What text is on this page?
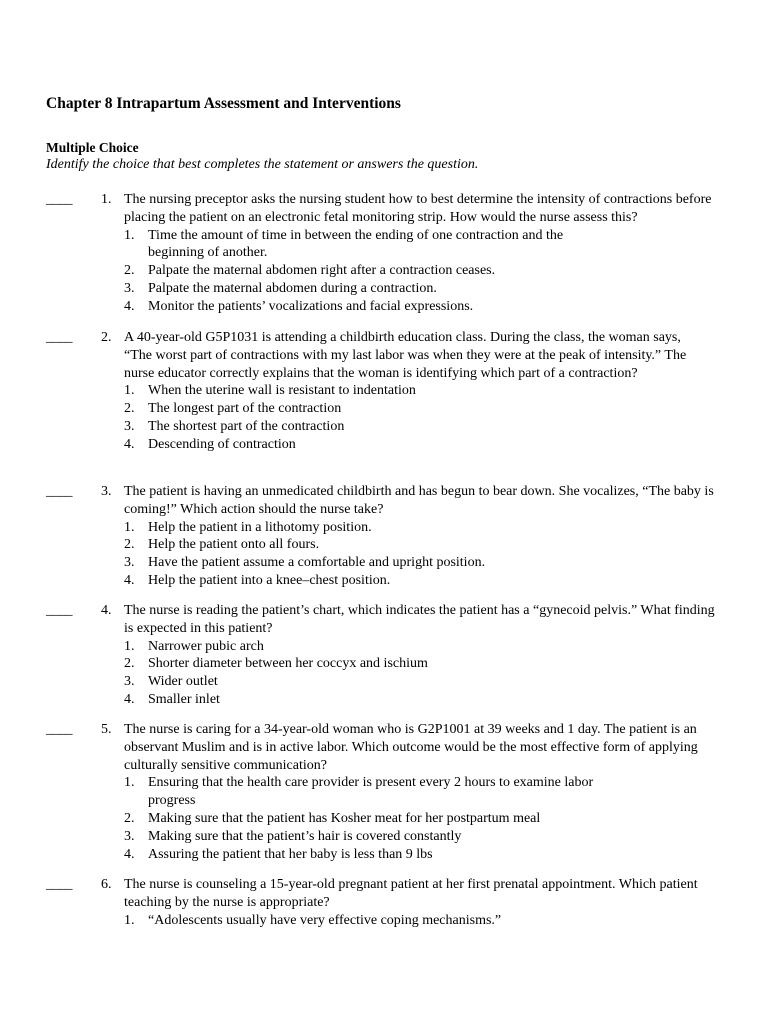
Chapter 8 Intrapartum Assessment and Interventions
Multiple Choice
Identify the choice that best completes the statement or answers the question.
____ 1. The nursing preceptor asks the nursing student how to best determine the intensity of contractions before placing the patient on an electronic fetal monitoring strip. How would the nurse assess this?
1. Time the amount of time in between the ending of one contraction and the beginning of another.
2. Palpate the maternal abdomen right after a contraction ceases.
3. Palpate the maternal abdomen during a contraction.
4. Monitor the patients’ vocalizations and facial expressions.
____ 2. A 40-year-old G5P1031 is attending a childbirth education class. During the class, the woman says, “The worst part of contractions with my last labor was when they were at the peak of intensity.” The nurse educator correctly explains that the woman is identifying which part of a contraction?
1. When the uterine wall is resistant to indentation
2. The longest part of the contraction
3. The shortest part of the contraction
4. Descending of contraction
____ 3. The patient is having an unmedicated childbirth and has begun to bear down. She vocalizes, “The baby is coming!” Which action should the nurse take?
1. Help the patient in a lithotomy position.
2. Help the patient onto all fours.
3. Have the patient assume a comfortable and upright position.
4. Help the patient into a knee–chest position.
____ 4. The nurse is reading the patient’s chart, which indicates the patient has a “gynecoid pelvis.” What finding is expected in this patient?
1. Narrower pubic arch
2. Shorter diameter between her coccyx and ischium
3. Wider outlet
4. Smaller inlet
____ 5. The nurse is caring for a 34-year-old woman who is G2P1001 at 39 weeks and 1 day. The patient is an observant Muslim and is in active labor. Which outcome would be the most effective form of applying culturally sensitive communication?
1. Ensuring that the health care provider is present every 2 hours to examine labor progress
2. Making sure that the patient has Kosher meat for her postpartum meal
3. Making sure that the patient’s hair is covered constantly
4. Assuring the patient that her baby is less than 9 lbs
____ 6. The nurse is counseling a 15-year-old pregnant patient at her first prenatal appointment. Which patient teaching by the nurse is appropriate?
1. “Adolescents usually have very effective coping mechanisms.”
